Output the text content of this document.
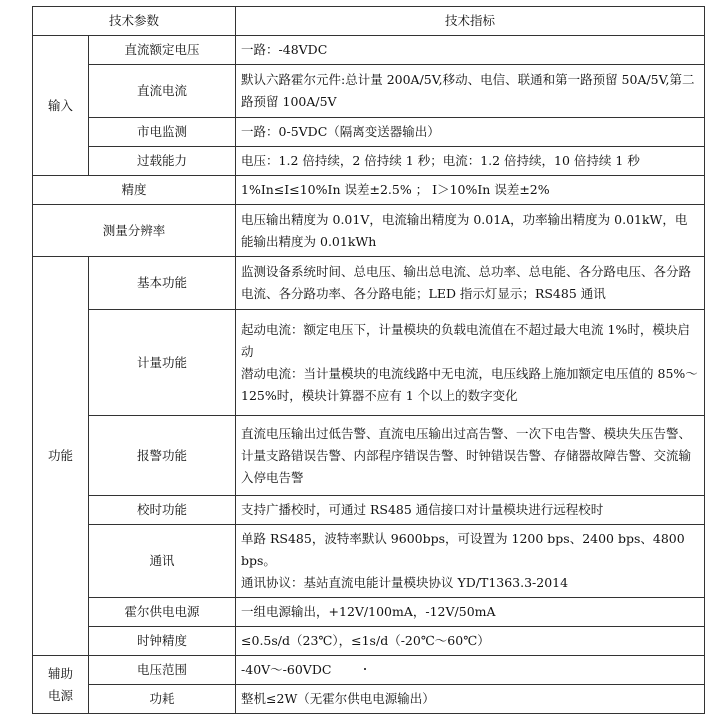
技术参数		技术指标
输入	直流额定电压	一路：-48VDC
	直流电流	默认六路霍尔元件:总计量 200A/5V,移动、电信、联通和第一路预留 50A/5V,第二路预留 100A/5V
	市电监测	一路：0-5VDC（隔离变送器输出）
	过载能力	电压：1.2 倍持续，2 倍持续 1 秒；电流：1.2 倍持续，10 倍持续 1 秒
精度		1%In≤I≤10%In 误差±2.5% ； I＞10%In 误差±2%
测量分辨率		电压输出精度为 0.01V，电流输出精度为 0.01A，功率输出精度为 0.01kW，电能输出精度为 0.01kWh
功能	基本功能	监测设备系统时间、总电压、输出总电流、总功率、总电能、各分路电压、各分路电流、各分路功率、各分路电能；LED 指示灯显示；RS485 通讯
	计量功能	起动电流：额定电压下，计量模块的负载电流值在不超过最大电流 1%时，模块启动
潜动电流：当计量模块的电流线路中无电流，电压线路上施加额定电压值的 85%～125%时，模块计算器不应有 1 个以上的数字变化

	报警功能	直流电压输出过低告警、直流电压输出过高告警、一次下电告警、模块失压告警、计量支路错误告警、内部程序错误告警、时钟错误告警、存储器故障告警、交流输入停电告警
	校时功能	支持广播校时，可通过 RS485 通信接口对计量模块进行远程校时
	通讯	单路 RS485，波特率默认 9600bps，可设置为 1200 bps、2400 bps、4800 bps。
通讯协议：基站直流电能计量模块协议 YD/T1363.3-2014

	霍尔供电电源	一组电源输出，+12V/100mA，-12V/50mA
	时钟精度	≤0.5s/d（23℃），≤1s/d（-20℃～60℃）

辅助
电源	电压范围	-40V～-60VDC
	功耗	整机≤2W（无霍尔供电电源输出）
